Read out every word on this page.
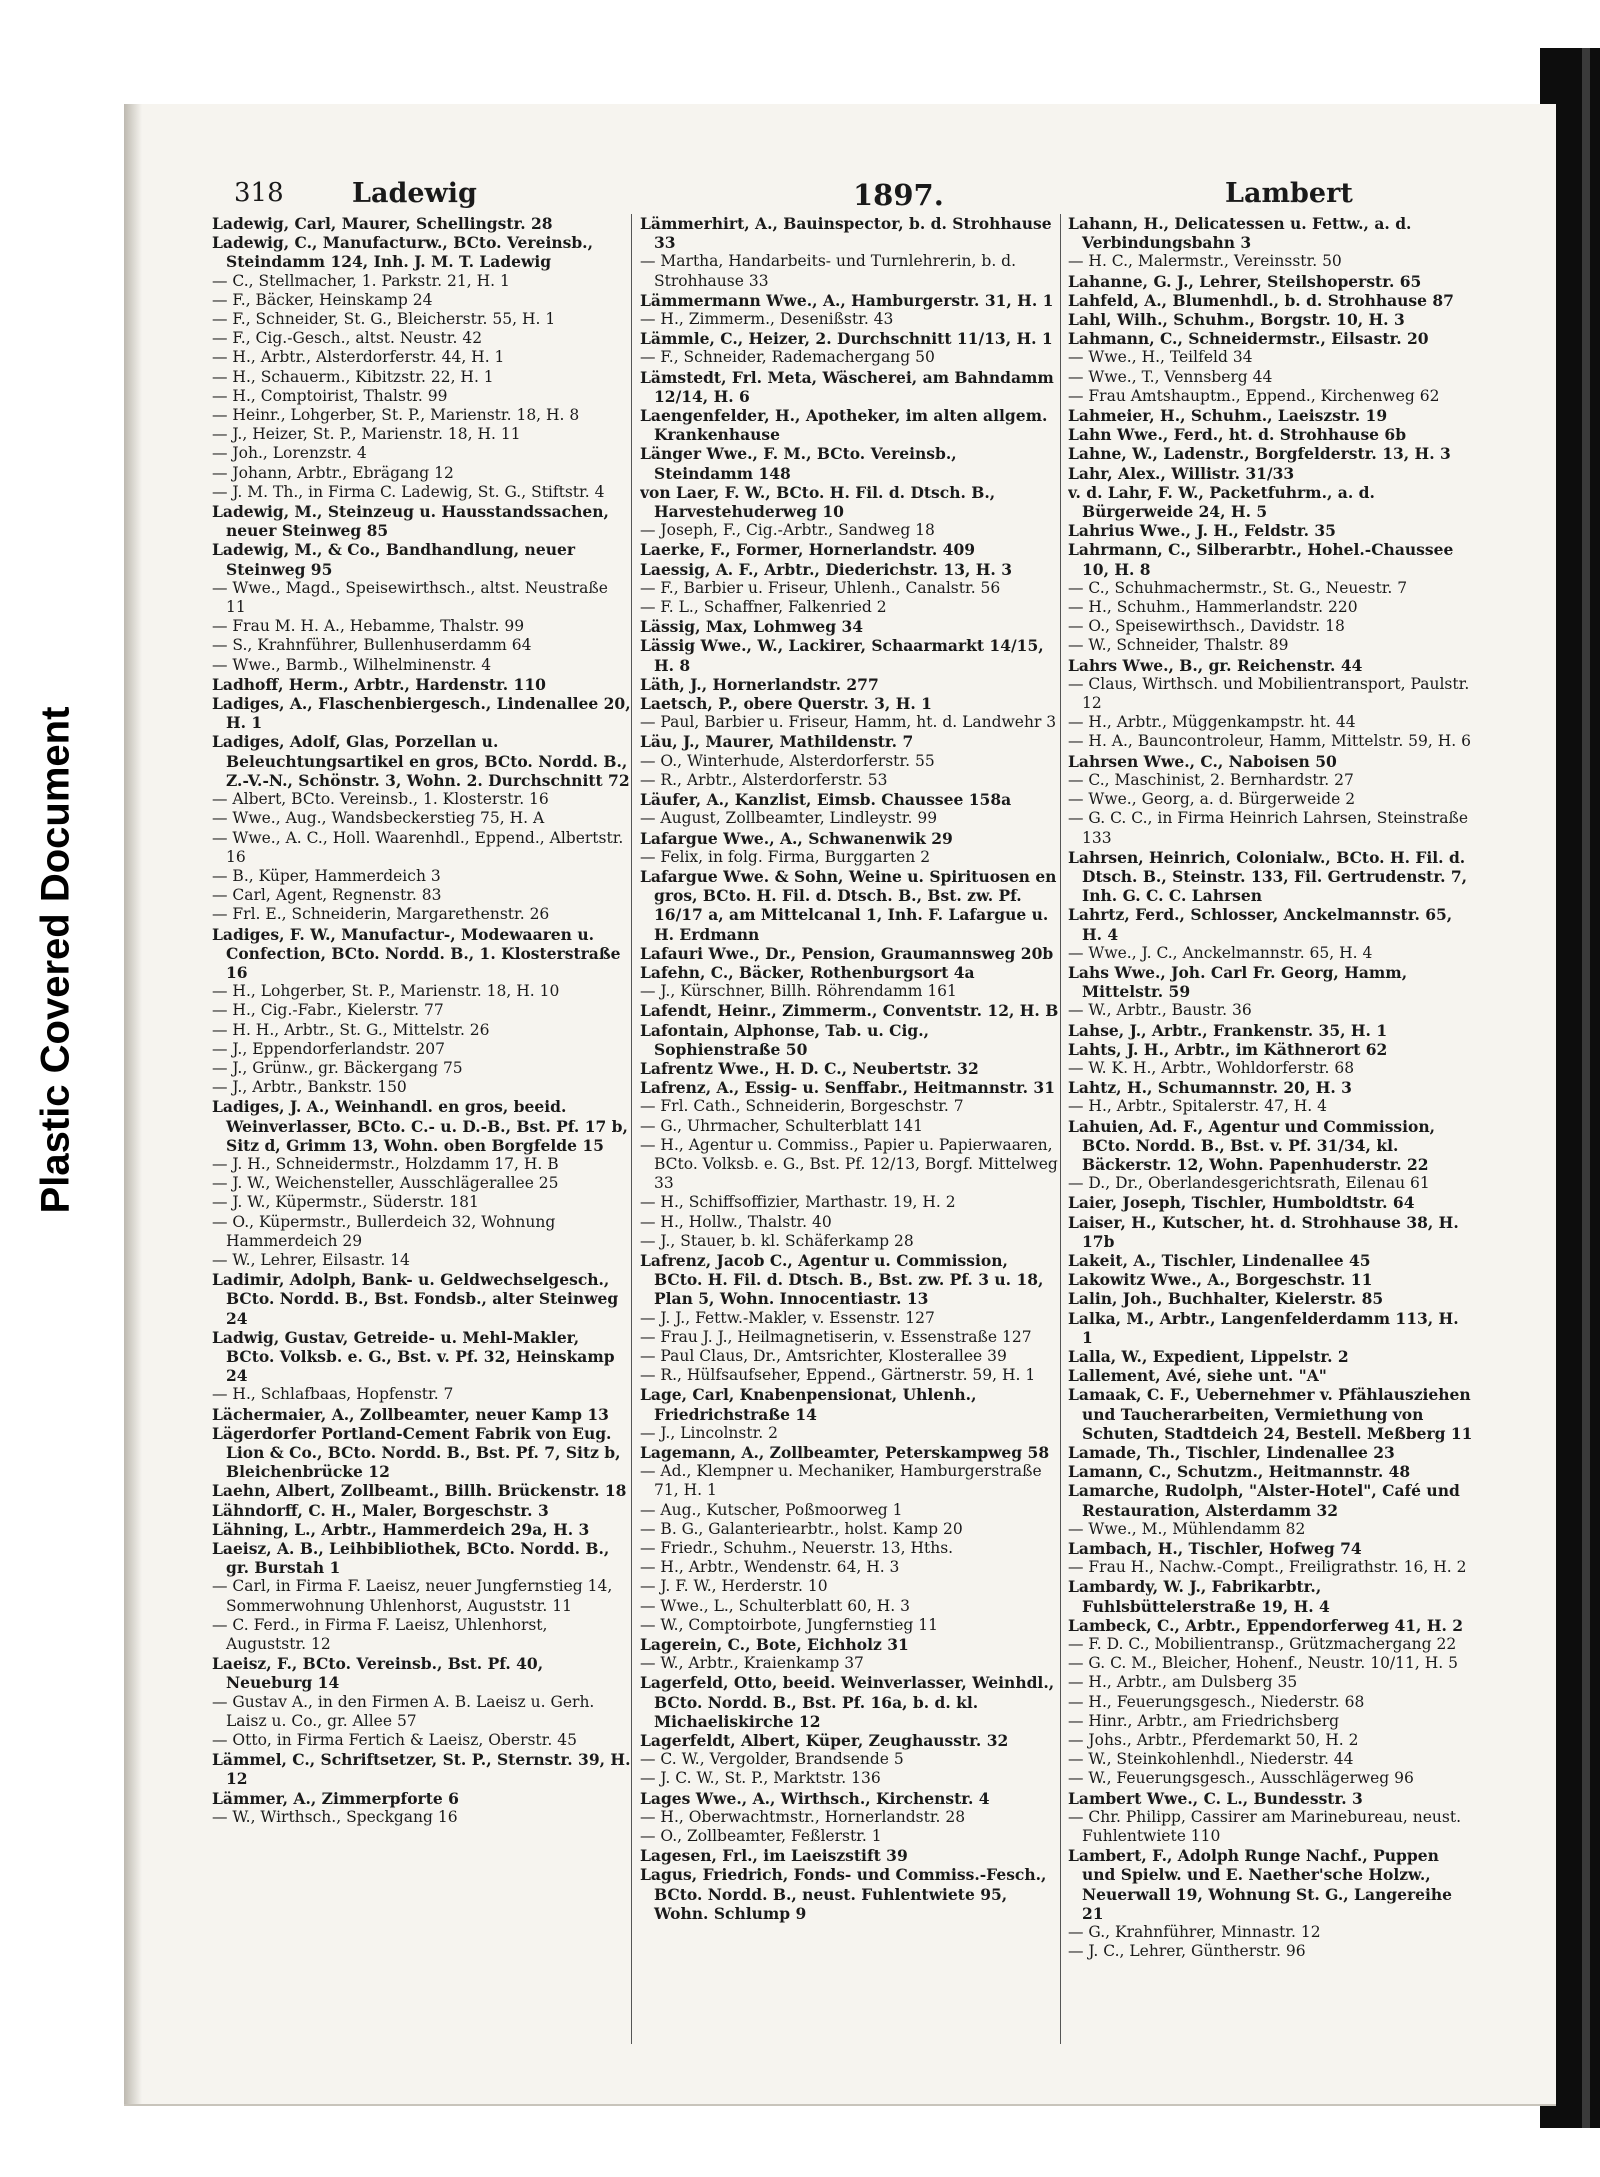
Plastic Covered Document
318	Ladewig	1897.	Lambert

Ladewig, Carl, Maurer, Schellingstr. 28

Ladewig, C., Manufacturw., BCto. Vereinsb., Steindamm 124, Inh. J. M. T. Ladewig

— C., Stellmacher, 1. Parkstr. 21, H. 1

— F., Bäcker, Heinskamp 24

— F., Schneider, St. G., Bleicherstr. 55, H. 1

— F., Cig.-Gesch., altst. Neustr. 42

— H., Arbtr., Alsterdorferstr. 44, H. 1

— H., Schauerm., Kibitzstr. 22, H. 1

— H., Comptoirist, Thalstr. 99

— Heinr., Lohgerber, St. P., Marienstr. 18, H. 8

— J., Heizer, St. P., Marienstr. 18, H. 11

— Joh., Lorenzstr. 4

— Johann, Arbtr., Ebrägang 12

— J. M. Th., in Firma C. Ladewig, St. G., Stiftstr. 4

Ladewig, M., Steinzeug u. Hausstandssachen, neuer Steinweg 85

Ladewig, M., & Co., Bandhandlung, neuer Steinweg 95

— Wwe., Magd., Speisewirthsch., altst. Neustraße 11

— Frau M. H. A., Hebamme, Thalstr. 99

— S., Krahnführer, Bullenhuserdamm 64

— Wwe., Barmb., Wilhelminenstr. 4

Ladhoff, Herm., Arbtr., Hardenstr. 110

Ladiges, A., Flaschenbiergesch., Lindenallee 20, H. 1

Ladiges, Adolf, Glas, Porzellan u. Beleuchtungsartikel en gros, BCto. Nordd. B., Z.-V.-N., Schönstr. 3, Wohn. 2. Durchschnitt 72

— Albert, BCto. Vereinsb., 1. Klosterstr. 16

— Wwe., Aug., Wandsbeckerstieg 75, H. A

— Wwe., A. C., Holl. Waarenhdl., Eppend., Albertstr. 16

— B., Küper, Hammerdeich 3

— Carl, Agent, Regnenstr. 83

— Frl. E., Schneiderin, Margarethenstr. 26

Ladiges, F. W., Manufactur-, Modewaaren u. Confection, BCto. Nordd. B., 1. Klosterstraße 16

— H., Lohgerber, St. P., Marienstr. 18, H. 10

— H., Cig.-Fabr., Kielerstr. 77

— H. H., Arbtr., St. G., Mittelstr. 26

— J., Eppendorferlandstr. 207

— J., Grünw., gr. Bäckergang 75

— J., Arbtr., Bankstr. 150

Ladiges, J. A., Weinhandl. en gros, beeid. Weinverlasser, BCto. C.- u. D.-B., Bst. Pf. 17 b, Sitz d, Grimm 13, Wohn. oben Borgfelde 15

— J. H., Schneidermstr., Holzdamm 17, H. B

— J. W., Weichensteller, Ausschlägerallee 25

— J. W., Küpermstr., Süderstr. 181

— O., Küpermstr., Bullerdeich 32, Wohnung Hammerdeich 29

— W., Lehrer, Eilsastr. 14

Ladimir, Adolph, Bank- u. Geldwechselgesch., BCto. Nordd. B., Bst. Fondsb., alter Steinweg 24

Ladwig, Gustav, Getreide- u. Mehl-Makler, BCto. Volksb. e. G., Bst. v. Pf. 32, Heinskamp 24

— H., Schlafbaas, Hopfenstr. 7

Lächermaier, A., Zollbeamter, neuer Kamp 13

Lägerdorfer Portland-Cement Fabrik von Eug. Lion & Co., BCto. Nordd. B., Bst. Pf. 7, Sitz b, Bleichenbrücke 12

Laehn, Albert, Zollbeamt., Billh. Brückenstr. 18

Lähndorff, C. H., Maler, Borgeschstr. 3

Lähning, L., Arbtr., Hammerdeich 29a, H. 3

Laeisz, A. B., Leihbibliothek, BCto. Nordd. B., gr. Burstah 1

— Carl, in Firma F. Laeisz, neuer Jungfernstieg 14, Sommerwohnung Uhlenhorst, Auguststr. 11

— C. Ferd., in Firma F. Laeisz, Uhlenhorst, Auguststr. 12

Laeisz, F., BCto. Vereinsb., Bst. Pf. 40, Neueburg 14

— Gustav A., in den Firmen A. B. Laeisz u. Gerh. Laisz u. Co., gr. Allee 57

— Otto, in Firma Fertich & Laeisz, Oberstr. 45

Lämmel, C., Schriftsetzer, St. P., Sternstr. 39, H. 12

Lämmer, A., Zimmerpforte 6

— W., Wirthsch., Speckgang 16

Lämmerhirt, A., Bauinspector, b. d. Strohhause 33

— Martha, Handarbeits- und Turnlehrerin, b. d. Strohhause 33

Lämmermann Wwe., A., Hamburgerstr. 31, H. 1

— H., Zimmerm., Desenißstr. 43

Lämmle, C., Heizer, 2. Durchschnitt 11/13, H. 1

— F., Schneider, Rademachergang 50

Lämstedt, Frl. Meta, Wäscherei, am Bahndamm 12/14, H. 6

Laengenfelder, H., Apotheker, im alten allgem. Krankenhause

Länger Wwe., F. M., BCto. Vereinsb., Steindamm 148

von Laer, F. W., BCto. H. Fil. d. Dtsch. B., Harvestehuderweg 10

— Joseph, F., Cig.-Arbtr., Sandweg 18

Laerke, F., Former, Hornerlandstr. 409

Laessig, A. F., Arbtr., Diederichstr. 13, H. 3

— F., Barbier u. Friseur, Uhlenh., Canalstr. 56

— F. L., Schaffner, Falkenried 2

Lässig, Max, Lohmweg 34

Lässig Wwe., W., Lackirer, Schaarmarkt 14/15, H. 8

Läth, J., Hornerlandstr. 277

Laetsch, P., obere Querstr. 3, H. 1

— Paul, Barbier u. Friseur, Hamm, ht. d. Landwehr 3

Läu, J., Maurer, Mathildenstr. 7

— O., Winterhude, Alsterdorferstr. 55

— R., Arbtr., Alsterdorferstr. 53

Läufer, A., Kanzlist, Eimsb. Chaussee 158a

— August, Zollbeamter, Lindleystr. 99

Lafargue Wwe., A., Schwanenwik 29

— Felix, in folg. Firma, Burggarten 2

Lafargue Wwe. & Sohn, Weine u. Spirituosen en gros, BCto. H. Fil. d. Dtsch. B., Bst. zw. Pf. 16/17 a, am Mittelcanal 1, Inh. F. Lafargue u. H. Erdmann

Lafauri Wwe., Dr., Pension, Graumannsweg 20b

Lafehn, C., Bäcker, Rothenburgsort 4a

— J., Kürschner, Billh. Röhrendamm 161

Lafendt, Heinr., Zimmerm., Conventstr. 12, H. B

Lafontain, Alphonse, Tab. u. Cig., Sophienstraße 50

Lafrentz Wwe., H. D. C., Neubertstr. 32

Lafrenz, A., Essig- u. Senffabr., Heitmannstr. 31

— Frl. Cath., Schneiderin, Borgeschstr. 7

— G., Uhrmacher, Schulterblatt 141

— H., Agentur u. Commiss., Papier u. Papierwaaren, BCto. Volksb. e. G., Bst. Pf. 12/13, Borgf. Mittelweg 33

— H., Schiffsoffizier, Marthastr. 19, H. 2

— H., Hollw., Thalstr. 40

— J., Stauer, b. kl. Schäferkamp 28

Lafrenz, Jacob C., Agentur u. Commission, BCto. H. Fil. d. Dtsch. B., Bst. zw. Pf. 3 u. 18, Plan 5, Wohn. Innocentiastr. 13

— J. J., Fettw.-Makler, v. Essenstr. 127

— Frau J. J., Heilmagnetiserin, v. Essenstraße 127

— Paul Claus, Dr., Amtsrichter, Klosterallee 39

— R., Hülfsaufseher, Eppend., Gärtnerstr. 59, H. 1

Lage, Carl, Knabenpensionat, Uhlenh., Friedrichstraße 14

— J., Lincolnstr. 2

Lagemann, A., Zollbeamter, Peterskampweg 58

— Ad., Klempner u. Mechaniker, Hamburgerstraße 71, H. 1

— Aug., Kutscher, Poßmoorweg 1

— B. G., Galanteriearbtr., holst. Kamp 20

— Friedr., Schuhm., Neuerstr. 13, Hths.

— H., Arbtr., Wendenstr. 64, H. 3

— J. F. W., Herderstr. 10

— Wwe., L., Schulterblatt 60, H. 3

— W., Comptoirbote, Jungfernstieg 11

Lagerein, C., Bote, Eichholz 31

— W., Arbtr., Kraienkamp 37

Lagerfeld, Otto, beeid. Weinverlasser, Weinhdl., BCto. Nordd. B., Bst. Pf. 16a, b. d. kl. Michaeliskirche 12

Lagerfeldt, Albert, Küper, Zeughausstr. 32

— C. W., Vergolder, Brandsende 5

— J. C. W., St. P., Marktstr. 136

Lages Wwe., A., Wirthsch., Kirchenstr. 4

— H., Oberwachtmstr., Hornerlandstr. 28

— O., Zollbeamter, Feßlerstr. 1

Lagesen, Frl., im Laeiszstift 39

Lagus, Friedrich, Fonds- und Commiss.-Fesch., BCto. Nordd. B., neust. Fuhlentwiete 95, Wohn. Schlump 9

Lahann, H., Delicatessen u. Fettw., a. d. Verbindungsbahn 3

— H. C., Malermstr., Vereinsstr. 50

Lahanne, G. J., Lehrer, Steilshoperstr. 65

Lahfeld, A., Blumenhdl., b. d. Strohhause 87

Lahl, Wilh., Schuhm., Borgstr. 10, H. 3

Lahmann, C., Schneidermstr., Eilsastr. 20

— Wwe., H., Teilfeld 34

— Wwe., T., Vennsberg 44

— Frau Amtshauptm., Eppend., Kirchenweg 62

Lahmeier, H., Schuhm., Laeiszstr. 19

Lahn Wwe., Ferd., ht. d. Strohhause 6b

Lahne, W., Ladenstr., Borgfelderstr. 13, H. 3

Lahr, Alex., Willistr. 31/33

v. d. Lahr, F. W., Packetfuhrm., a. d. Bürgerweide 24, H. 5

Lahrius Wwe., J. H., Feldstr. 35

Lahrmann, C., Silberarbtr., Hohel.-Chaussee 10, H. 8

— C., Schuhmachermstr., St. G., Neuestr. 7

— H., Schuhm., Hammerlandstr. 220

— O., Speisewirthsch., Davidstr. 18

— W., Schneider, Thalstr. 89

Lahrs Wwe., B., gr. Reichenstr. 44

— Claus, Wirthsch. und Mobilientransport, Paulstr. 12

— H., Arbtr., Müggenkampstr. ht. 44

— H. A., Bauncontroleur, Hamm, Mittelstr. 59, H. 6

Lahrsen Wwe., C., Naboisen 50

— C., Maschinist, 2. Bernhardstr. 27

— Wwe., Georg, a. d. Bürgerweide 2

— G. C. C., in Firma Heinrich Lahrsen, Steinstraße 133

Lahrsen, Heinrich, Colonialw., BCto. H. Fil. d. Dtsch. B., Steinstr. 133, Fil. Gertrudenstr. 7, Inh. G. C. C. Lahrsen

Lahrtz, Ferd., Schlosser, Anckelmannstr. 65, H. 4

— Wwe., J. C., Anckelmannstr. 65, H. 4

Lahs Wwe., Joh. Carl Fr. Georg, Hamm, Mittelstr. 59

— W., Arbtr., Baustr. 36

Lahse, J., Arbtr., Frankenstr. 35, H. 1

Lahts, J. H., Arbtr., im Käthnerort 62

— W. K. H., Arbtr., Wohldorferstr. 68

Lahtz, H., Schumannstr. 20, H. 3

— H., Arbtr., Spitalerstr. 47, H. 4

Lahuien, Ad. F., Agentur und Commission, BCto. Nordd. B., Bst. v. Pf. 31/34, kl. Bäckerstr. 12, Wohn. Papenhuderstr. 22

— D., Dr., Oberlandesgerichtsrath, Eilenau 61

Laier, Joseph, Tischler, Humboldtstr. 64

Laiser, H., Kutscher, ht. d. Strohhause 38, H. 17b

Lakeit, A., Tischler, Lindenallee 45

Lakowitz Wwe., A., Borgeschstr. 11

Lalin, Joh., Buchhalter, Kielerstr. 85

Lalka, M., Arbtr., Langenfelderdamm 113, H. 1

Lalla, W., Expedient, Lippelstr. 2

Lallement, Avé, siehe unt. "A"

Lamaak, C. F., Uebernehmer v. Pfählausziehen und Taucherarbeiten, Vermiethung von Schuten, Stadtdeich 24, Bestell. Meßberg 11

Lamade, Th., Tischler, Lindenallee 23

Lamann, C., Schutzm., Heitmannstr. 48

Lamarche, Rudolph, "Alster-Hotel", Café und Restauration, Alsterdamm 32

— Wwe., M., Mühlendamm 82

Lambach, H., Tischler, Hofweg 74

— Frau H., Nachw.-Compt., Freiligrathstr. 16, H. 2

Lambardy, W. J., Fabrikarbtr., Fuhlsbüttelerstraße 19, H. 4

Lambeck, C., Arbtr., Eppendorferweg 41, H. 2

— F. D. C., Mobilientransp., Grützmachergang 22

— G. C. M., Bleicher, Hohenf., Neustr. 10/11, H. 5

— H., Arbtr., am Dulsberg 35

— H., Feuerungsgesch., Niederstr. 68

— Hinr., Arbtr., am Friedrichsberg

— Johs., Arbtr., Pferdemarkt 50, H. 2

— W., Steinkohlenhdl., Niederstr. 44

— W., Feuerungsgesch., Ausschlägerweg 96

Lambert Wwe., C. L., Bundesstr. 3

— Chr. Philipp, Cassirer am Marinebureau, neust. Fuhlentwiete 110

Lambert, F., Adolph Runge Nachf., Puppen und Spielw. und E. Naether'sche Holzw., Neuerwall 19, Wohnung St. G., Langereihe 21

— G., Krahnführer, Minnastr. 12

— J. C., Lehrer, Güntherstr. 96
